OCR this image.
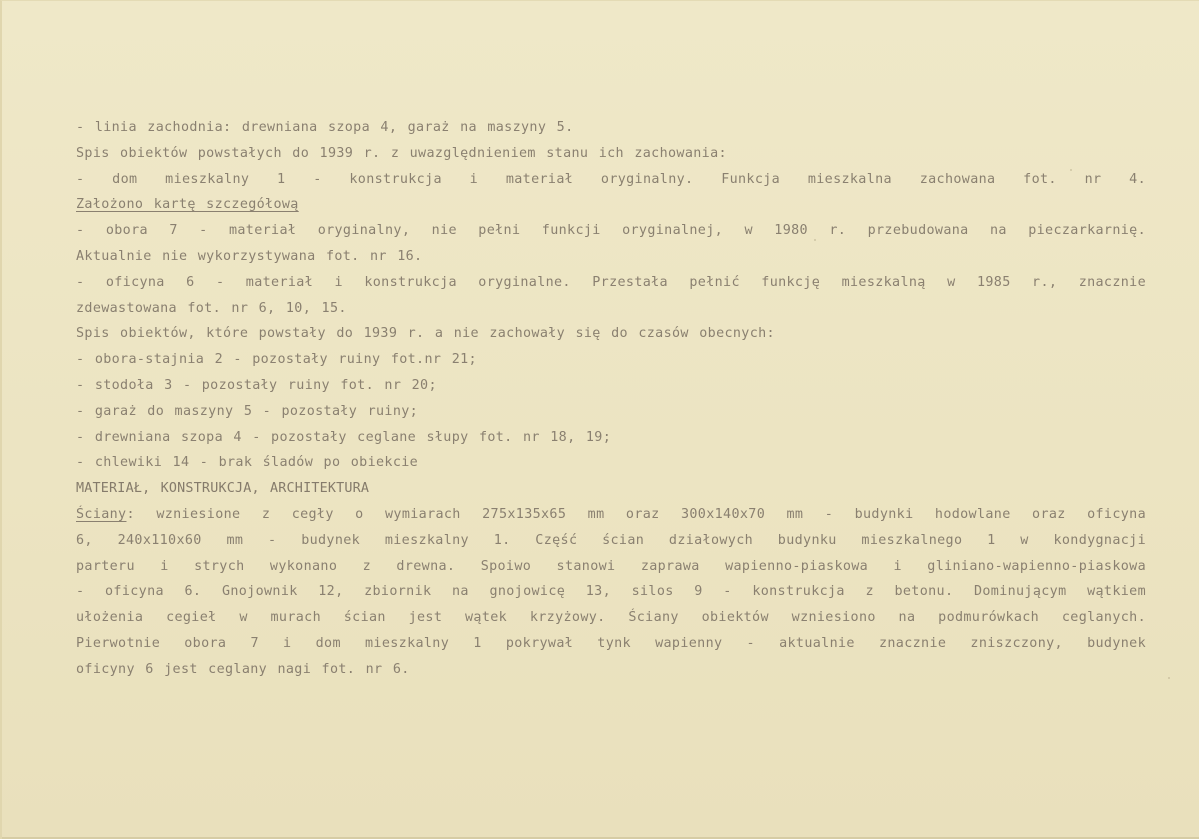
- linia zachodnia: drewniana szopa 4, garaż na maszyny 5.
Spis obiektów powstałych do 1939 r. z uwazględnieniem stanu ich zachowania:
- dom mieszkalny 1 - konstrukcja i materiał oryginalny. Funkcja mieszkalna zachowana fot. nr 4.
Założono kartę szczegółową
- obora 7 - materiał oryginalny, nie pełni funkcji oryginalnej, w 1980 r. przebudowana na pieczarkarnię.
Aktualnie nie wykorzystywana fot. nr 16.
- oficyna 6 - materiał i konstrukcja oryginalne. Przestała pełnić funkcję mieszkalną w 1985 r., znacznie
zdewastowana fot. nr 6, 10, 15.
Spis obiektów, które powstały do 1939 r. a nie zachowały się do czasów obecnych:
- obora-stajnia 2 - pozostały ruiny fot.nr 21;
- stodoła 3 - pozostały ruiny fot. nr 20;
- garaż do maszyny 5 - pozostały ruiny;
- drewniana szopa 4 - pozostały ceglane słupy fot. nr 18, 19;
- chlewiki 14 - brak śladów po obiekcie
MATERIAŁ, KONSTRUKCJA, ARCHITEKTURA
Ściany: wzniesione z cegły o wymiarach 275x135x65 mm oraz 300x140x70 mm - budynki hodowlane oraz oficyna
6, 240x110x60 mm - budynek mieszkalny 1. Część ścian działowych budynku mieszkalnego 1 w kondygnacji
parteru i strych wykonano z drewna. Spoiwo stanowi zaprawa wapienno-piaskowa i gliniano-wapienno-piaskowa
- oficyna 6. Gnojownik 12, zbiornik na gnojowicę 13, silos 9 - konstrukcja z betonu. Dominującym wątkiem
ułożenia cegieł w murach ścian jest wątek krzyżowy. Ściany obiektów wzniesiono na podmurówkach ceglanych.
Pierwotnie obora 7 i dom mieszkalny 1 pokrywał tynk wapienny - aktualnie znacznie zniszczony, budynek
oficyny 6 jest ceglany nagi fot. nr 6.
